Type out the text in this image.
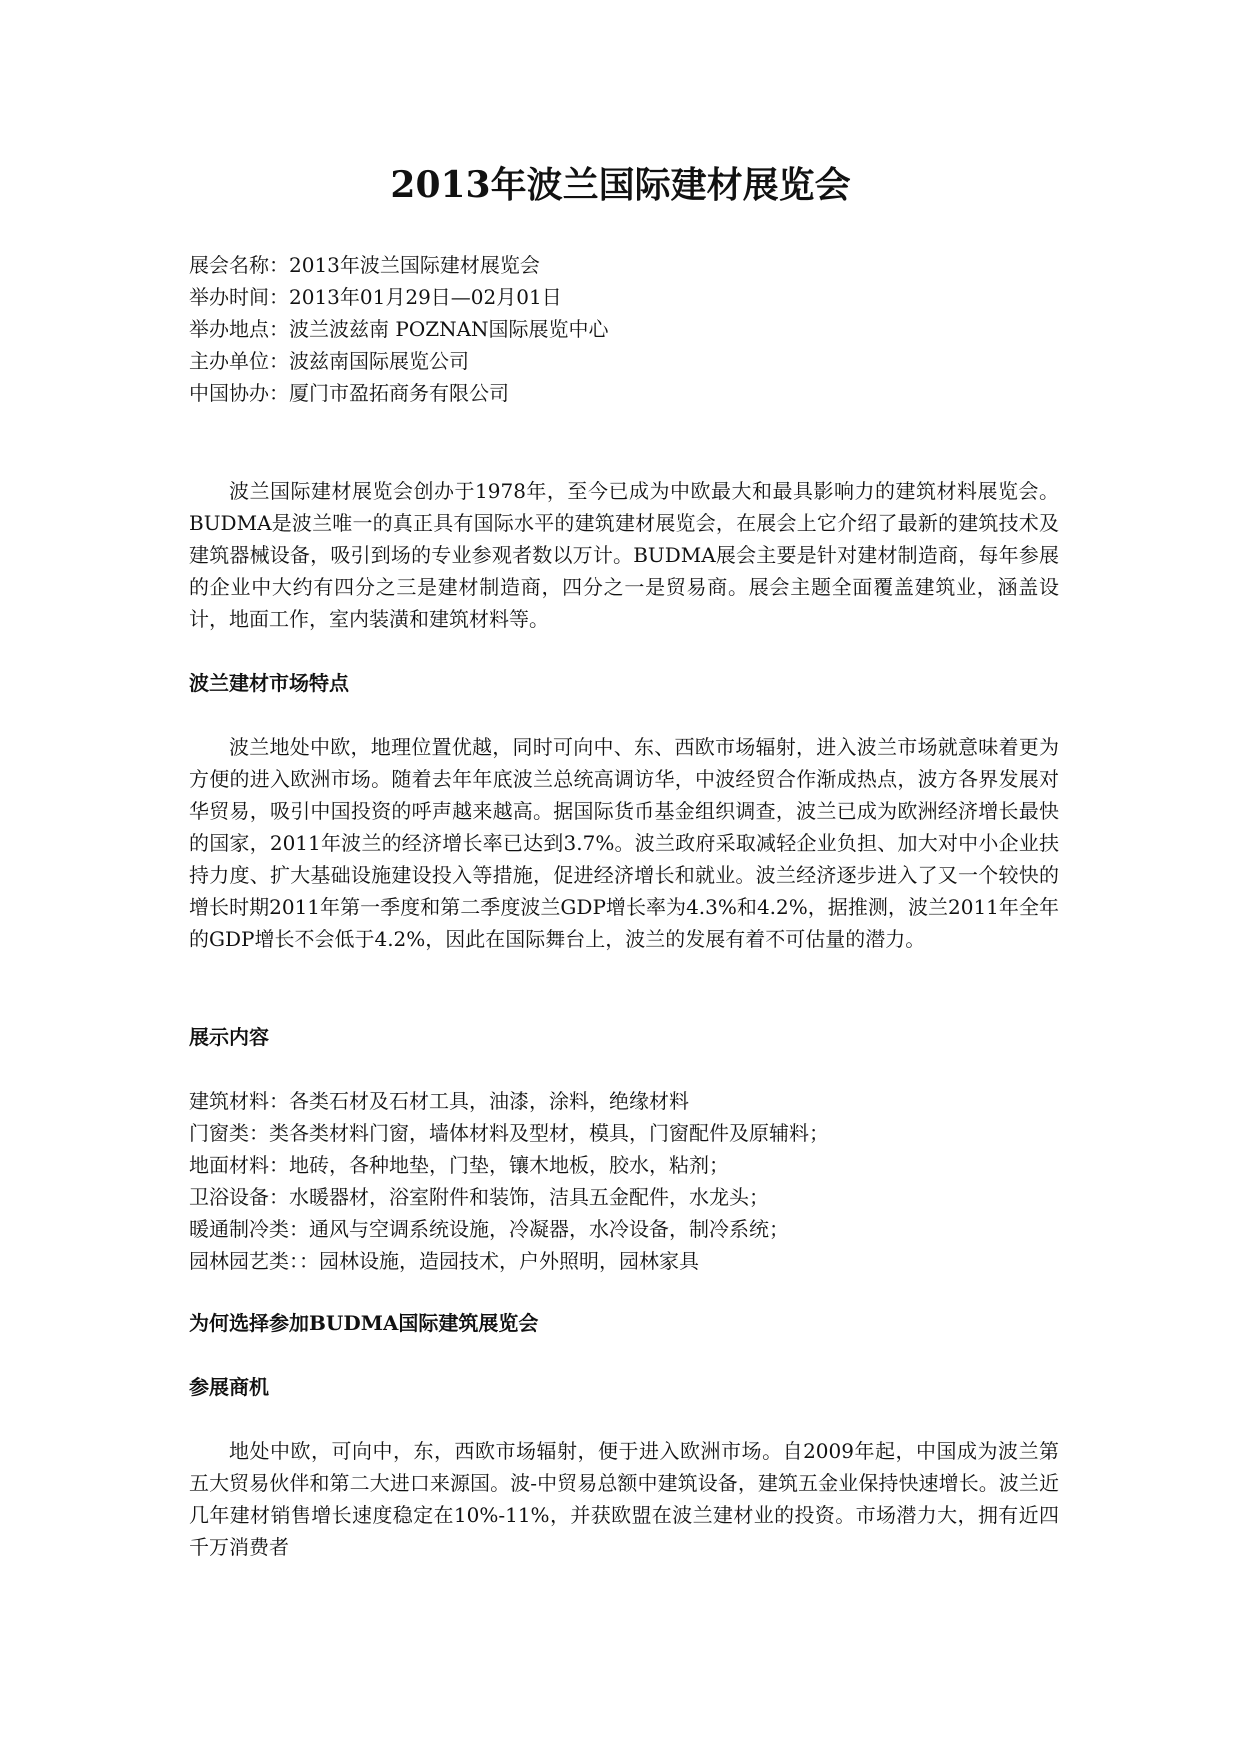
2013年波兰国际建材展览会
展会名称：2013年波兰国际建材展览会
举办时间：2013年01月29日—02月01日
举办地点：波兰波兹南 POZNAN国际展览中心
主办单位：波兹南国际展览公司
中国协办：厦门市盈拓商务有限公司

波兰国际建材展览会创办于1978年，至今已成为中欧最大和最具影响力的建筑材料展览会。BUDMA是波兰唯一的真正具有国际水平的建筑建材展览会，在展会上它介绍了最新的建筑技术及建筑器械设备，吸引到场的专业参观者数以万计。BUDMA展会主要是针对建材制造商，每年参展的企业中大约有四分之三是建材制造商，四分之一是贸易商。展会主题全面覆盖建筑业，涵盖设计，地面工作，室内装潢和建筑材料等。

波兰建材市场特点

波兰地处中欧，地理位置优越，同时可向中、东、西欧市场辐射，进入波兰市场就意味着更为方便的进入欧洲市场。随着去年年底波兰总统高调访华，中波经贸合作渐成热点，波方各界发展对华贸易，吸引中国投资的呼声越来越高。据国际货币基金组织调查，波兰已成为欧洲经济增长最快的国家，2011年波兰的经济增长率已达到3.7%。波兰政府采取减轻企业负担、加大对中小企业扶持力度、扩大基础设施建设投入等措施，促进经济增长和就业。波兰经济逐步进入了又一个较快的增长时期2011年第一季度和第二季度波兰GDP增长率为4.3%和4.2%，据推测，波兰2011年全年的GDP增长不会低于4.2%，因此在国际舞台上，波兰的发展有着不可估量的潜力。

展示内容
建筑材料：各类石材及石材工具，油漆，涂料，绝缘材料
门窗类：类各类材料门窗，墙体材料及型材，模具，门窗配件及原辅料；
地面材料：地砖，各种地垫，门垫，镶木地板，胶水，粘剂；
卫浴设备：水暖器材，浴室附件和装饰，洁具五金配件，水龙头；
暖通制冷类：通风与空调系统设施，冷凝器，水冷设备，制冷系统；
园林园艺类：：园林设施，造园技术，户外照明，园林家具
为何选择参加BUDMA国际建筑展览会
参展商机

地处中欧，可向中，东，西欧市场辐射，便于进入欧洲市场。自2009年起，中国成为波兰第五大贸易伙伴和第二大进口来源国。波-中贸易总额中建筑设备，建筑五金业保持快速增长。波兰近几年建材销售增长速度稳定在10%-11%，并获欧盟在波兰建材业的投资。市场潜力大，拥有近四千万消费者
